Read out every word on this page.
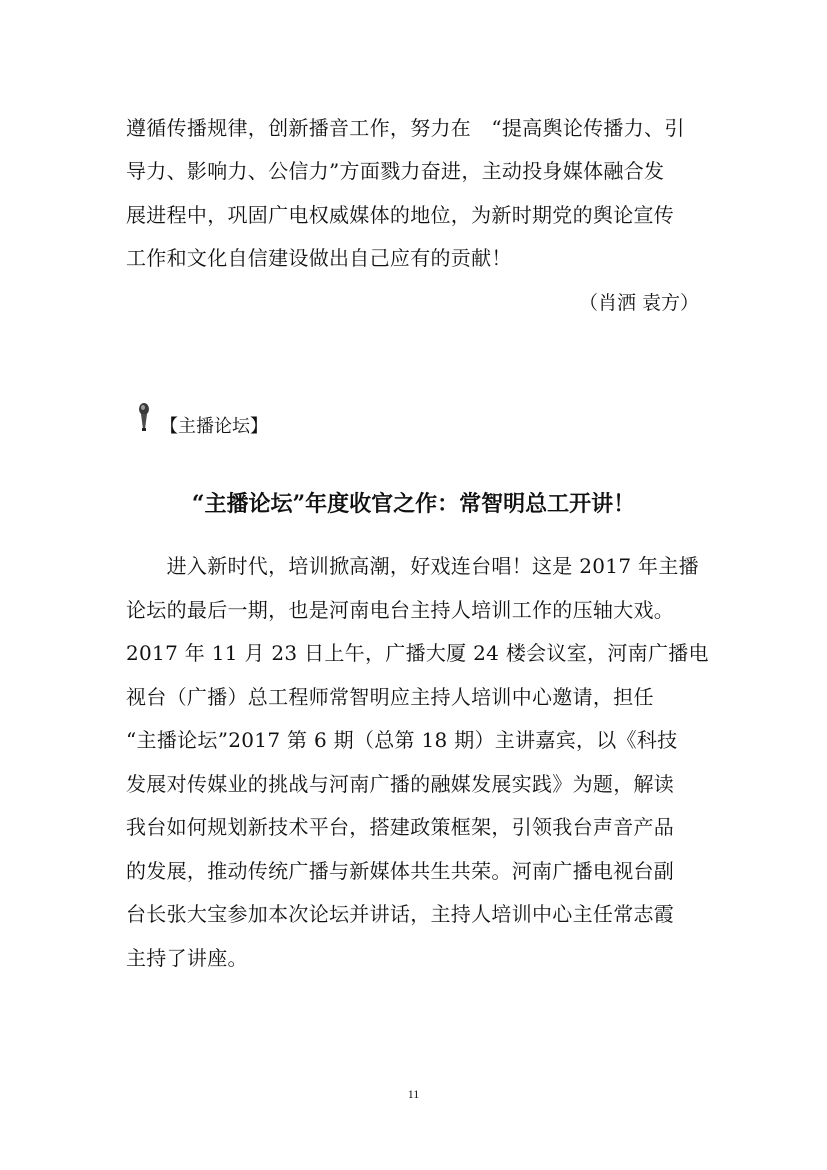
遵循传播规律，创新播音工作，努力在　“提高舆论传播力、引
导力、影响力、公信力”方面戮力奋进，主动投身媒体融合发
展进程中，巩固广电权威媒体的地位，为新时期党的舆论宣传
工作和文化自信建设做出自己应有的贡献！
（肖洒 袁方）
【主播论坛】
“主播论坛”年度收官之作：常智明总工开讲！
　　进入新时代，培训掀高潮，好戏连台唱！这是 2017 年主播
论坛的最后一期，也是河南电台主持人培训工作的压轴大戏。
2017 年 11 月 23 日上午，广播大厦 24 楼会议室，河南广播电
视台（广播）总工程师常智明应主持人培训中心邀请，担任
“主播论坛”2017 第 6 期（总第 18 期）主讲嘉宾，以《科技
发展对传媒业的挑战与河南广播的融媒发展实践》为题，解读
我台如何规划新技术平台，搭建政策框架，引领我台声音产品
的发展，推动传统广播与新媒体共生共荣。河南广播电视台副
台长张大宝参加本次论坛并讲话，主持人培训中心主任常志霞
主持了讲座。
11
